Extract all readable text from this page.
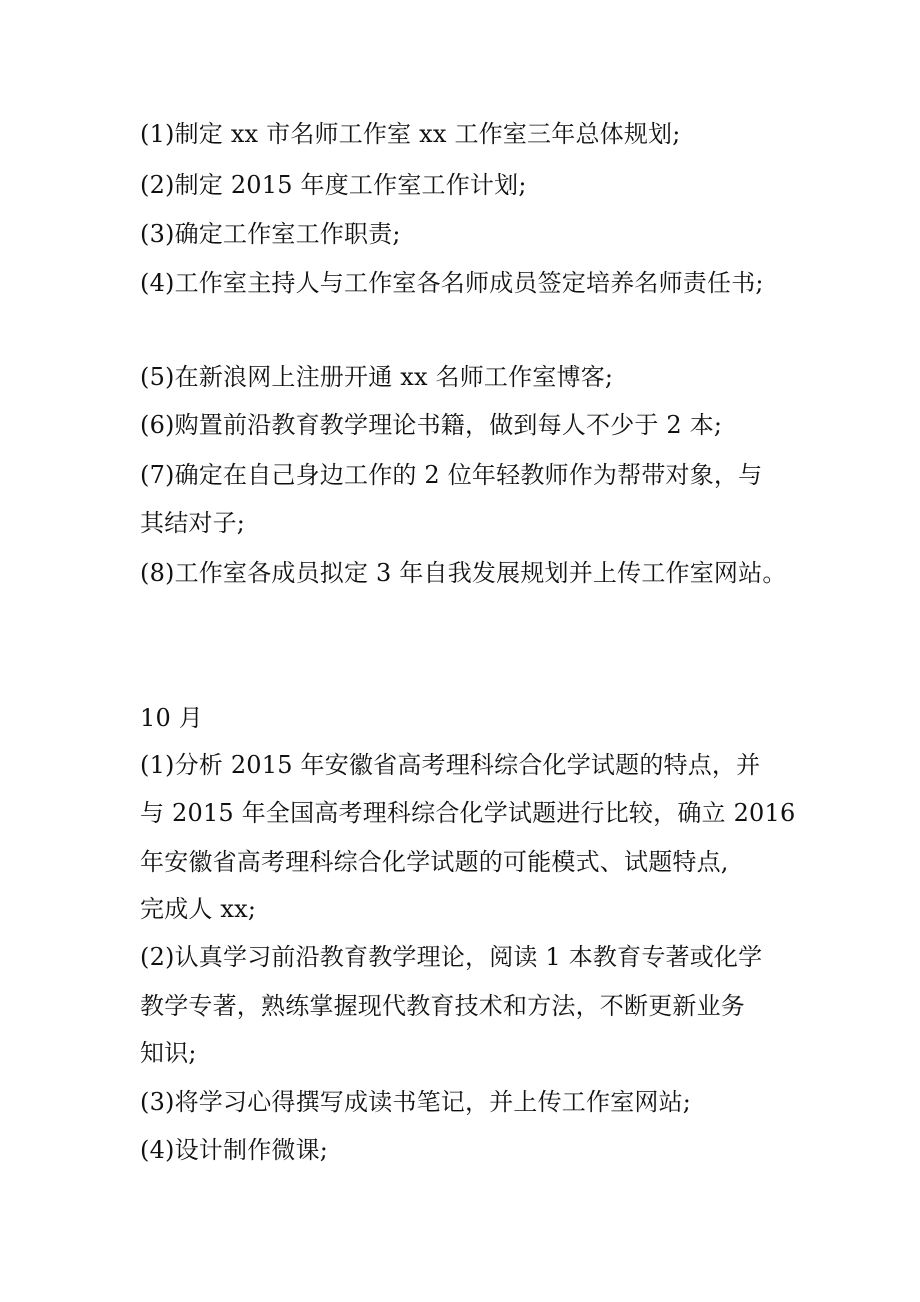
(1)制定 xx 市名师工作室 xx 工作室三年总体规划;
(2)制定 2015 年度工作室工作计划;
(3)确定工作室工作职责;
(4)工作室主持人与工作室各名师成员签定培养名师责任书;
(5)在新浪网上注册开通 xx 名师工作室博客;
(6)购置前沿教育教学理论书籍，做到每人不少于 2 本;
(7)确定在自己身边工作的 2 位年轻教师作为帮带对象，与
其结对子;
(8)工作室各成员拟定 3 年自我发展规划并上传工作室网站。
10 月
(1)分析 2015 年安徽省高考理科综合化学试题的特点，并
与 2015 年全国高考理科综合化学试题进行比较，确立 2016
年安徽省高考理科综合化学试题的可能模式、试题特点,
完成人 xx;
(2)认真学习前沿教育教学理论，阅读 1 本教育专著或化学
教学专著，熟练掌握现代教育技术和方法，不断更新业务
知识;
(3)将学习心得撰写成读书笔记，并上传工作室网站;
(4)设计制作微课;
